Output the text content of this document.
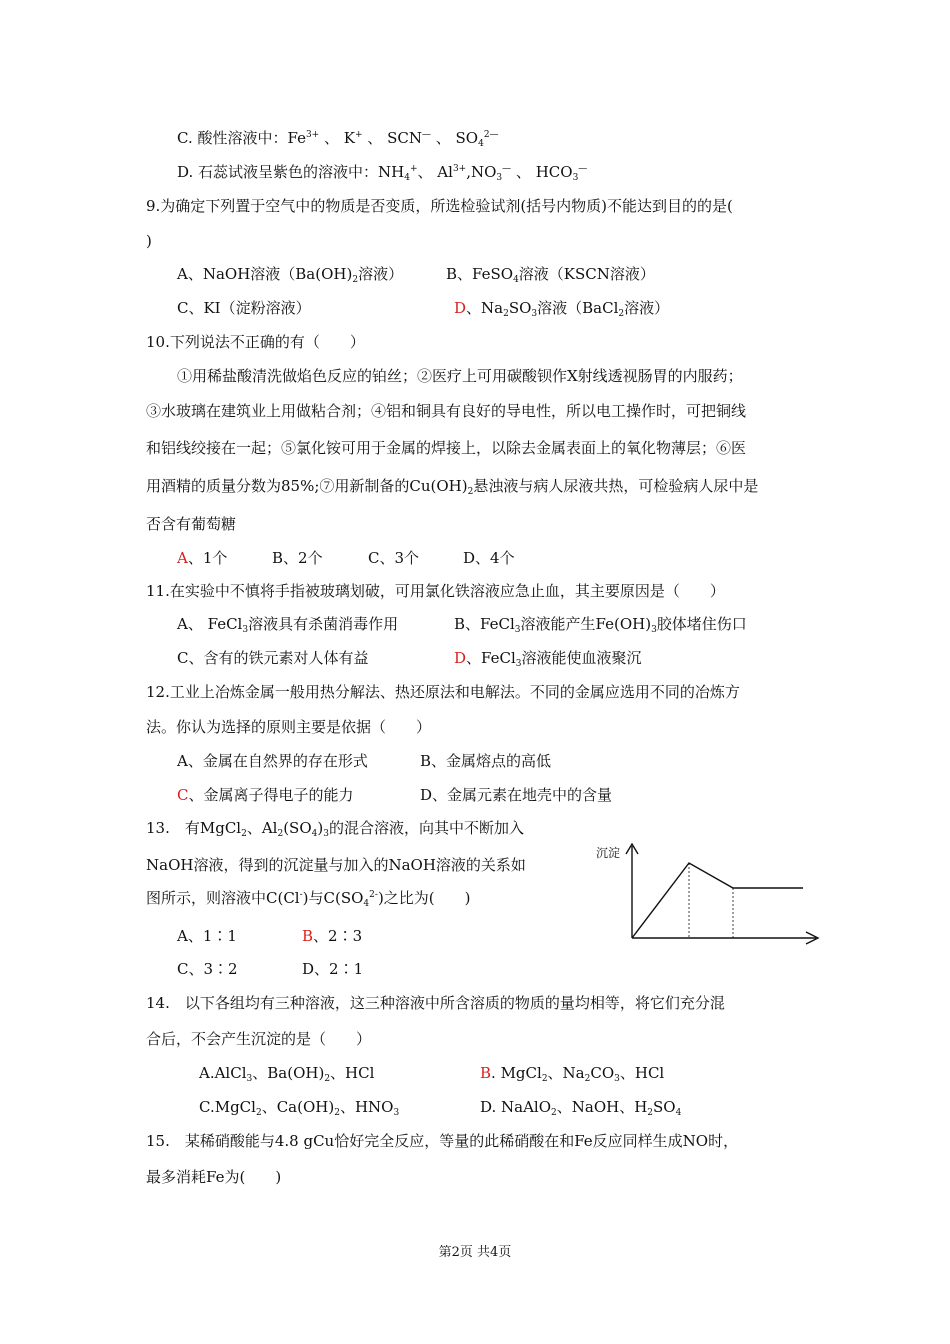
C. 酸性溶液中：$Fe^{3+}$ 、 K+ 、 SCN— 、 $SO_4^{2—}$
D. 石蕊试液呈紫色的溶液中：$NH_4^+$、 $Al^{3+},NO_3^—$ 、 $HCO_3^—$
9.为确定下列置于空气中的物质是否变质，所选检验试剂(括号内物质)不能达到目的的是(
)
A、NaOH溶液（$Ba(OH)_2$溶液）	B、FeSO$_4$溶液（KSCN溶液）
C、KI（淀粉溶液）	D、$Na_2SO_3$溶液（BaCl$_2$溶液）
10.下列说法不正确的有（　　）
①用稀盐酸清洗做焰色反应的铂丝；②医疗上可用碳酸钡作X射线透视肠胃的内服药；
③水玻璃在建筑业上用做粘合剂；④铝和铜具有良好的导电性，所以电工操作时，可把铜线
和铝线绞接在一起；⑤氯化铵可用于金属的焊接上，以除去金属表面上的氧化物薄层；⑥医
用酒精的质量分数为85%;⑦用新制备的$Cu(OH)_2$悬浊液与病人尿液共热，可检验病人尿中是
否含有葡萄糖
A、1个	B、2个	C、3个	D、4个
11.在实验中不慎将手指被玻璃划破，可用氯化铁溶液应急止血，其主要原因是（　　）
A、 FeCl$_3$溶液具有杀菌消毒作用	B、FeCl$_3$溶液能产生$Fe(OH)_3$胶体堵住伤口
C、含有的铁元素对人体有益	D、FeCl$_3$溶液能使血液聚沉
12.工业上冶炼金属一般用热分解法、热还原法和电解法。不同的金属应选用不同的冶炼方
法。你认为选择的原则主要是依据（　　）
A、金属在自然界的存在形式	B、金属熔点的高低
C、金属离子得电子的能力	D、金属元素在地壳中的含量
13.　有MgCl$_2$、$Al_2(SO_4)_3$的混合溶液，向其中不断加入
NaOH溶液，得到的沉淀量与加入的NaOH溶液的关系如
图所示，则溶液中C(Cl-)与$C(SO_4^{2-})$之比为(　　)
A、1∶1	B、2∶3
C、3∶2	D、2∶1
沉淀
14.　以下各组均有三种溶液，这三种溶液中所含溶质的物质的量均相等，将它们充分混
合后，不会产生沉淀的是（　　）
A.AlCl$_3$、$Ba(OH)_2$、HCl	B. MgCl$_2$、$Na_2CO_3$、HCl
C.MgCl$_2$、$Ca(OH)_2$、$HNO_3$	D. NaAlO$_2$、NaOH、$H_2SO_4$
15.　某稀硝酸能与4.8 gCu恰好完全反应，等量的此稀硝酸在和Fe反应同样生成NO时，
最多消耗Fe为(　　)
第2页 共4页
